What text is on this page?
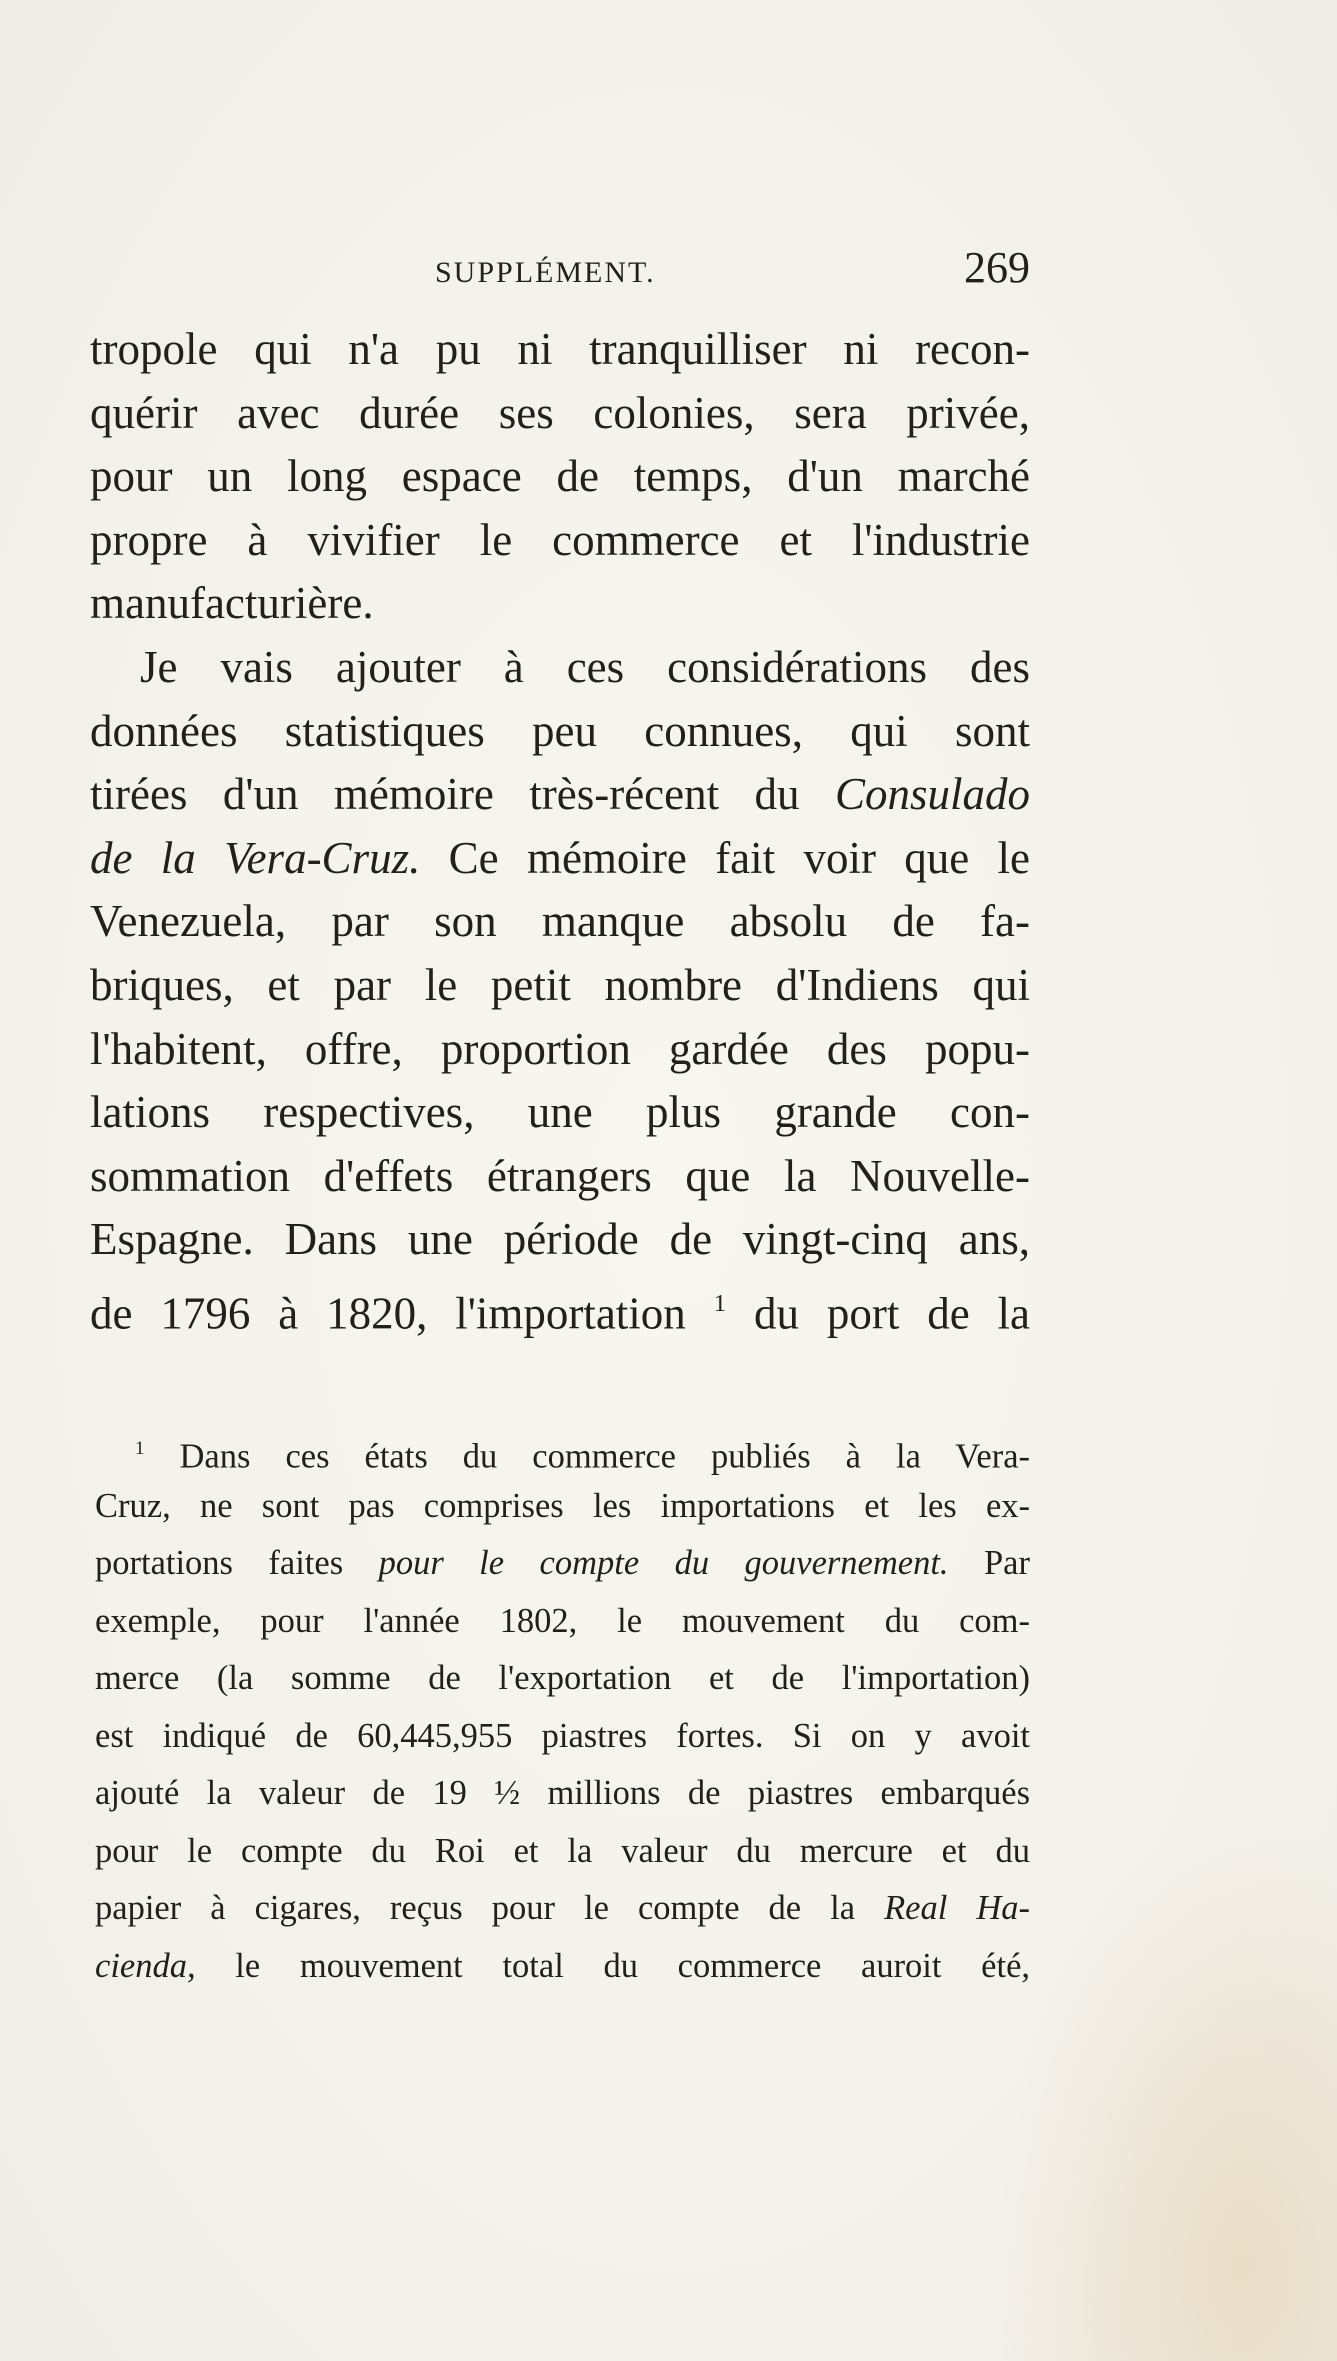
SUPPLÉMENT.	269
tropole qui n'a pu ni tranquilliser ni recon-
quérir avec durée ses colonies, sera privée,
pour un long espace de temps, d'un marché
propre à vivifier le commerce et l'industrie
manufacturière.
Je vais ajouter à ces considérations des
données statistiques peu connues, qui sont
tirées d'un mémoire très-récent du Consulado
de la Vera-Cruz. Ce mémoire fait voir que le
Venezuela, par son manque absolu de fa-
briques, et par le petit nombre d'Indiens qui
l'habitent, offre, proportion gardée des popu-
lations respectives, une plus grande con-
sommation d'effets étrangers que la Nouvelle-
Espagne. Dans une période de vingt-cinq ans,
de 1796 à 1820, l'importation $^1$ du port de la
$^1$ Dans ces états du commerce publiés à la Vera-
Cruz, ne sont pas comprises les importations et les ex-
portations faites pour le compte du gouvernement. Par
exemple, pour l'année 1802, le mouvement du com-
merce (la somme de l'exportation et de l'importation)
est indiqué de 60,445,955 piastres fortes. Si on y avoit
ajouté la valeur de 19 ½ millions de piastres embarqués
pour le compte du Roi et la valeur du mercure et du
papier à cigares, reçus pour le compte de la Real Ha-
cienda, le mouvement total du commerce auroit été,
